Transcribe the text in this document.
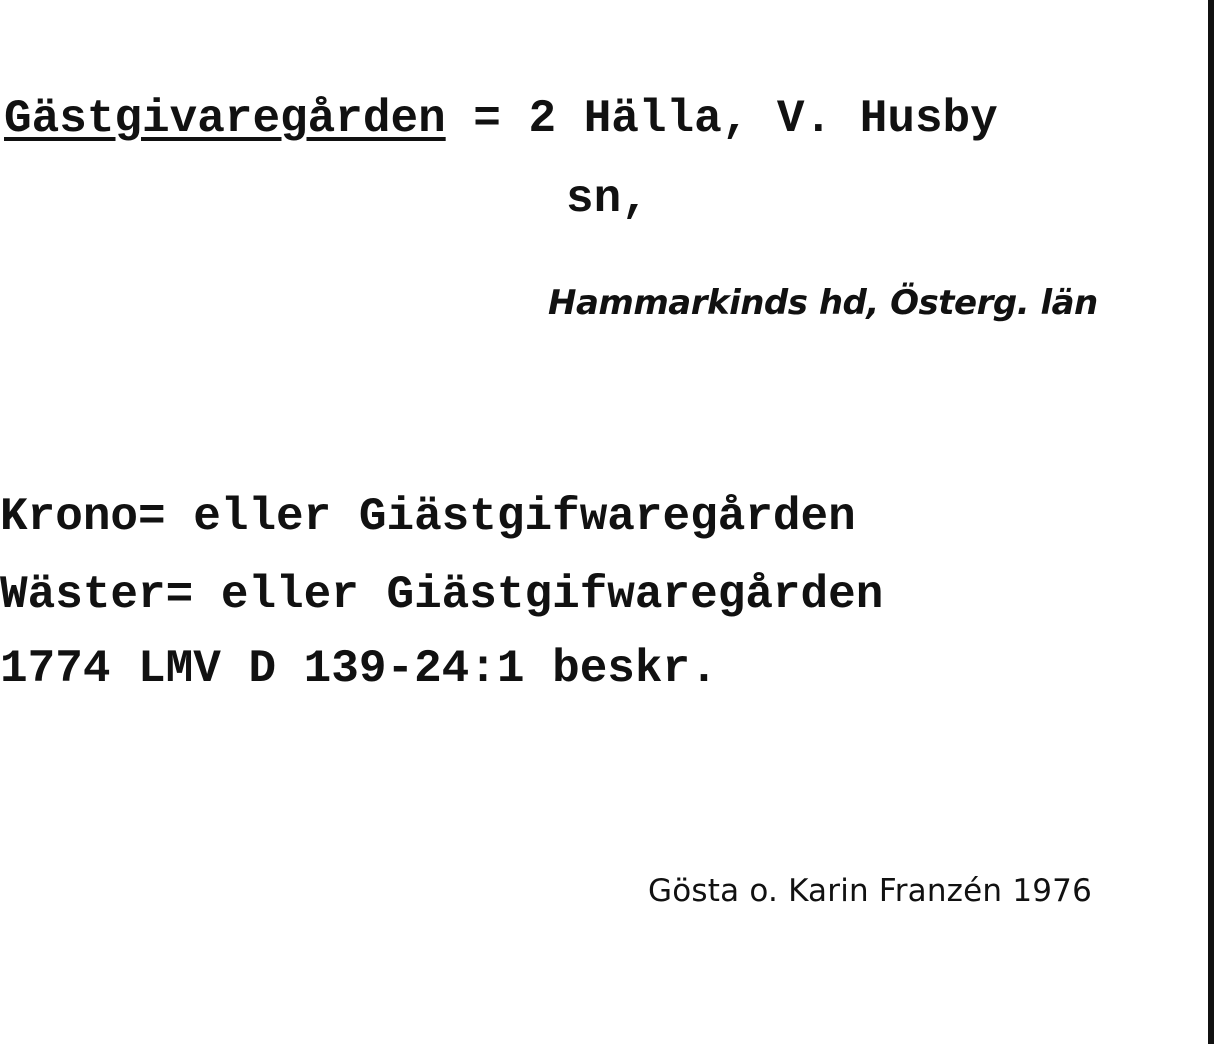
Gästgivaregården = 2 Hälla, V. Husby
sn,
Hammarkinds hd, Österg. län
Krono= eller Giästgifwaregården
Wäster= eller Giästgifwaregården
1774 LMV D 139-24:1 beskr.
Gösta o. Karin Franzén 1976
